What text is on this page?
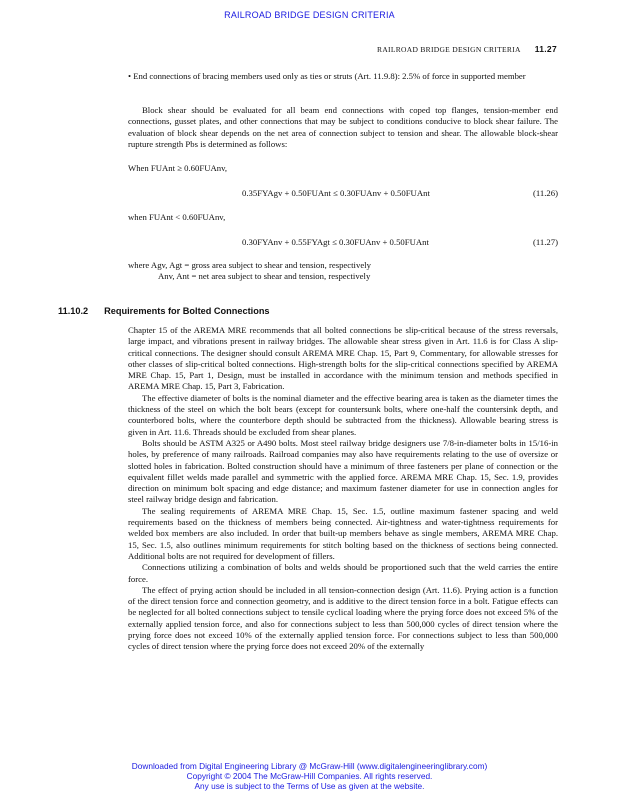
RAILROAD BRIDGE DESIGN CRITERIA
RAILROAD BRIDGE DESIGN CRITERIA 11.27
• End connections of bracing members used only as ties or struts (Art. 11.9.8): 2.5% of force in supported member
Block shear should be evaluated for all beam end connections with coped top flanges, tension-member end connections, gusset plates, and other connections that may be subject to conditions conducive to block shear failure. The evaluation of block shear depends on the net area of connection subject to tension and shear. The allowable block-shear rupture strength Pbs is determined as follows:
When FUAnt ≥ 0.60FUAnv,
0.35FYAgv + 0.50FUAnt ≤ 0.30FUAnv + 0.50FUAnt	(11.26)
when FUAnt < 0.60FUAnv,
0.30FYAnv + 0.55FYAgt ≤ 0.30FUAnv + 0.50FUAnt	(11.27)
where Agv, Agt = gross area subject to shear and tension, respectively
Anv, Ant = net area subject to shear and tension, respectively
11.10.2 Requirements for Bolted Connections

Chapter 15 of the AREMA MRE recommends that all bolted connections be slip-critical because of the stress reversals, large impact, and vibrations present in railway bridges. The allowable shear stress given in Art. 11.6 is for Class A slip-critical connections. The designer should consult AREMA MRE Chap. 15, Part 9, Commentary, for allowable stresses for other classes of slip-critical bolted connections. High-strength bolts for the slip-critical connections specified by AREMA MRE Chap. 15, Part 1, Design, must be installed in accordance with the minimum tension and methods specified in AREMA MRE Chap. 15, Part 3, Fabrication.

The effective diameter of bolts is the nominal diameter and the effective bearing area is taken as the diameter times the thickness of the steel on which the bolt bears (except for countersunk bolts, where one-half the countersink depth, and counterbored bolts, where the counterbore depth should be subtracted from the thickness). Allowable bearing stress is given in Art. 11.6. Threads should be excluded from shear planes.

Bolts should be ASTM A325 or A490 bolts. Most steel railway bridge designers use 7/8-in-diameter bolts in 15/16-in holes, by preference of many railroads. Railroad companies may also have requirements relating to the use of oversize or slotted holes in fabrication. Bolted construction should have a minimum of three fasteners per plane of connection or the equivalent fillet welds made parallel and symmetric with the applied force. AREMA MRE Chap. 15, Sec. 1.9, provides direction on minimum bolt spacing and edge distance; and maximum fastener diameter for use in connection angles for steel railway bridge design and fabrication.

The sealing requirements of AREMA MRE Chap. 15, Sec. 1.5, outline maximum fastener spacing and weld requirements based on the thickness of members being connected. Air-tightness and water-tightness requirements for welded box members are also included. In order that built-up members behave as single members, AREMA MRE Chap. 15, Sec. 1.5, also outlines minimum requirements for stitch bolting based on the thickness of sections being connected. Additional bolts are not required for development of fillers.

Connections utilizing a combination of bolts and welds should be proportioned such that the weld carries the entire force.

The effect of prying action should be included in all tension-connection design (Art. 11.6). Prying action is a function of the direct tension force and connection geometry, and is additive to the direct tension force in a bolt. Fatigue effects can be neglected for all bolted connections subject to tensile cyclical loading where the prying force does not exceed 5% of the externally applied tension force, and also for connections subject to less than 500,000 cycles of direct tension where the prying force does not exceed 10% of the externally applied tension force. For connections subject to less than 500,000 cycles of direct tension where the prying force does not exceed 20% of the externally

Downloaded from Digital Engineering Library @ McGraw-Hill (www.digitalengineeringlibrary.com)
Copyright © 2004 The McGraw-Hill Companies. All rights reserved.
Any use is subject to the Terms of Use as given at the website.
